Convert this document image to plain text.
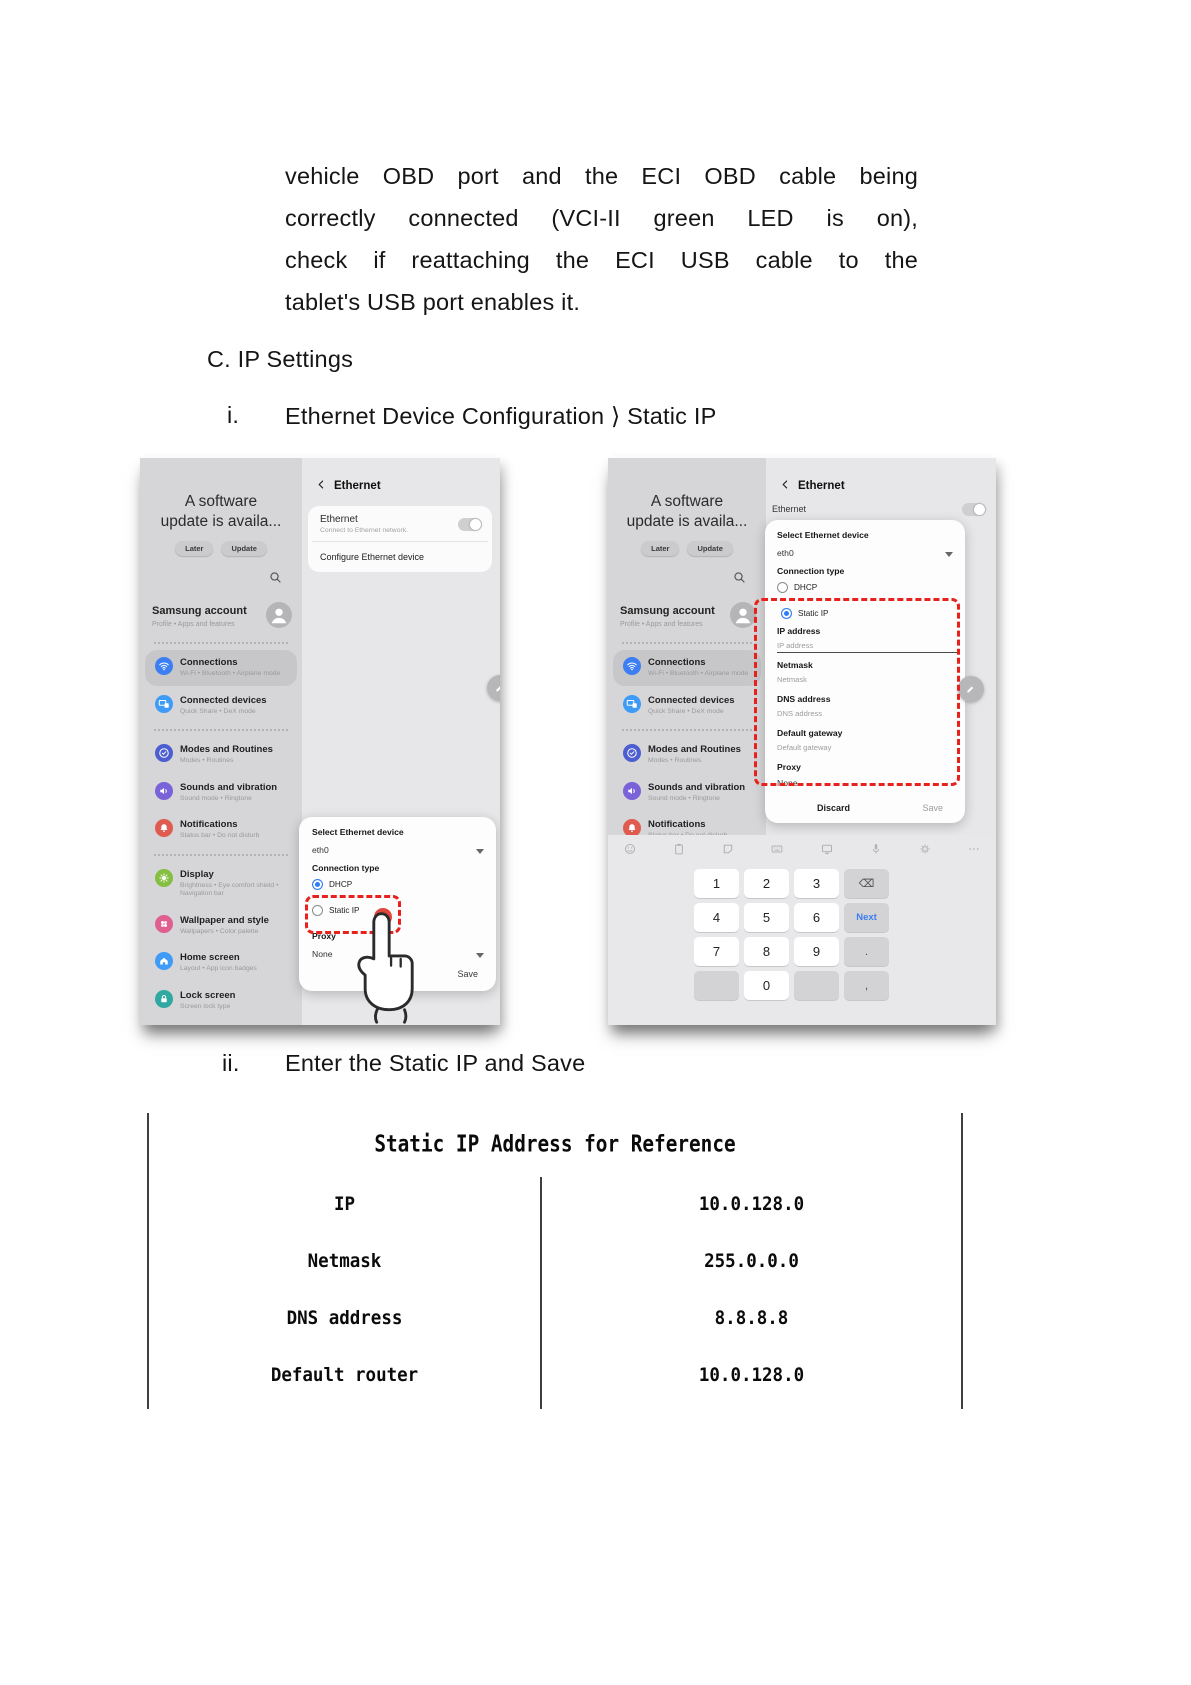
vehicle OBD port and the ECI OBD cable being
correctly connected (VCI-II green LED is on),
check if reattaching the ECI USB cable to the
tablet's USB port enables it.
C. IP Settings
i. Ethernet Device Configuration ⟩ Static IP
ii. Enter the Static IP and Save
A software
update is availa...
Later	Update
Samsung account
Profile • Apps and features
Connections
Wi-Fi • Bluetooth • Airplane mode
Connected devices
Quick Share • DeX mode
Modes and Routines
Modes • Routines
Sounds and vibration
Sound mode • Ringtone
Notifications
Status bar • Do not disturb
Display
Brightness • Eye comfort shield • Navigation bar
Wallpaper and style
Wallpapers • Color palette
Home screen
Layout • App icon badges
Lock screen
Screen lock type
Ethernet
Ethernet
Connect to Ethernet network.
Configure Ethernet device
Select Ethernet device
eth0
Connection type
DHCP
Static IP
Proxy
None
Save
A software
update is availa...
Later	Update
Samsung account
Profile • Apps and features
Connections
Wi-Fi • Bluetooth • Airplane mode
Connected devices
Quick Share • DeX mode
Modes and Routines
Modes • Routines
Sounds and vibration
Sound mode • Ringtone
Notifications
Ethernet
Ethernet
Select Ethernet device
eth0
Connection type
DHCP
Static IP
IP address
IP address
Netmask
Netmask
DNS address
DNS address
Default gateway
Default gateway
Proxy
None
Discard	Save
1	2	3	⌫
4	5	6	Next
7	8	9	.
0	,
Static IP Address for Reference
IP	10.0.128.0
Netmask	255.0.0.0
DNS address	8.8.8.8
Default router	10.0.128.0
